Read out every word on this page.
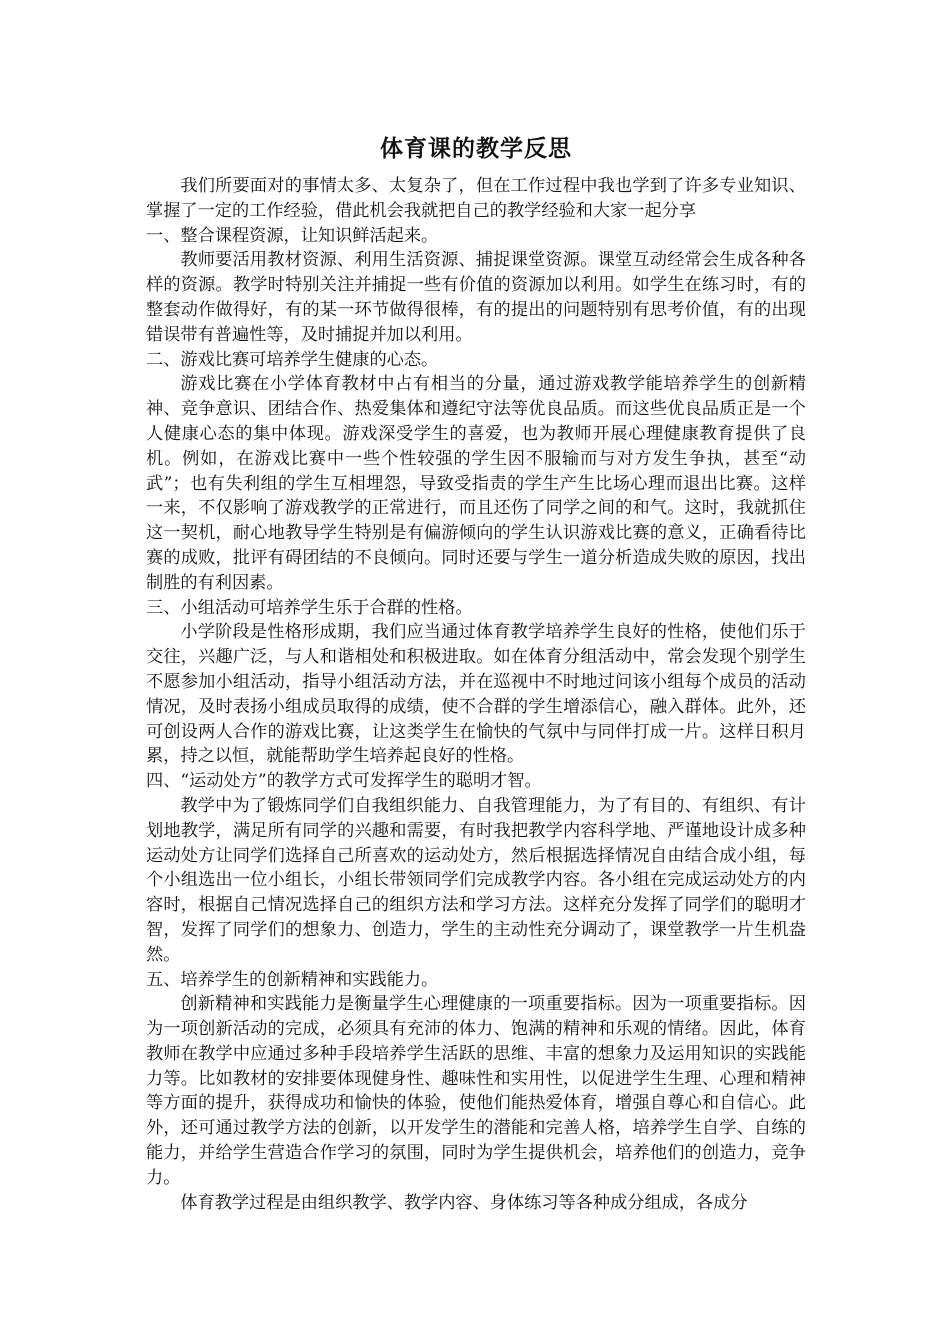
体育课的教学反思

我们所要面对的事情太多、太复杂了，但在工作过程中我也学到了许多专业知识、掌握了一定的工作经验，借此机会我就把自己的教学经验和大家一起分享

一、整合课程资源，让知识鲜活起来。

教师要活用教材资源、利用生活资源、捕捉课堂资源。课堂互动经常会生成各种各样的资源。教学时特别关注并捕捉一些有价值的资源加以利用。如学生在练习时，有的整套动作做得好，有的某一环节做得很棒，有的提出的问题特别有思考价值，有的出现错误带有普遍性等，及时捕捉并加以利用。

二、游戏比赛可培养学生健康的心态。

游戏比赛在小学体育教材中占有相当的分量，通过游戏教学能培养学生的创新精神、竞争意识、团结合作、热爱集体和遵纪守法等优良品质。而这些优良品质正是一个人健康心态的集中体现。游戏深受学生的喜爱，也为教师开展心理健康教育提供了良机。例如，在游戏比赛中一些个性较强的学生因不服输而与对方发生争执，甚至“动武”；也有失利组的学生互相埋怨，导致受指责的学生产生比场心理而退出比赛。这样一来，不仅影响了游戏教学的正常进行，而且还伤了同学之间的和气。这时，我就抓住这一契机，耐心地教导学生特别是有偏游倾向的学生认识游戏比赛的意义，正确看待比赛的成败，批评有碍团结的不良倾向。同时还要与学生一道分析造成失败的原因，找出制胜的有利因素。

三、小组活动可培养学生乐于合群的性格。

小学阶段是性格形成期，我们应当通过体育教学培养学生良好的性格，使他们乐于交往，兴趣广泛，与人和谐相处和积极进取。如在体育分组活动中，常会发现个别学生不愿参加小组活动，指导小组活动方法，并在巡视中不时地过问该小组每个成员的活动情况，及时表扬小组成员取得的成绩，使不合群的学生增添信心，融入群体。此外，还可创设两人合作的游戏比赛，让这类学生在愉快的气氛中与同伴打成一片。这样日积月累，持之以恒，就能帮助学生培养起良好的性格。

四、“运动处方”的教学方式可发挥学生的聪明才智。

教学中为了锻炼同学们自我组织能力、自我管理能力，为了有目的、有组织、有计划地教学，满足所有同学的兴趣和需要，有时我把教学内容科学地、严谨地设计成多种运动处方让同学们选择自己所喜欢的运动处方，然后根据选择情况自由结合成小组，每个小组选出一位小组长，小组长带领同学们完成教学内容。各小组在完成运动处方的内容时，根据自己情况选择自己的组织方法和学习方法。这样充分发挥了同学们的聪明才智，发挥了同学们的想象力、创造力，学生的主动性充分调动了，课堂教学一片生机盎然。

五、培养学生的创新精神和实践能力。

创新精神和实践能力是衡量学生心理健康的一项重要指标。因为一项重要指标。因为一项创新活动的完成，必须具有充沛的体力、饱满的精神和乐观的情绪。因此，体育教师在教学中应通过多种手段培养学生活跃的思维、丰富的想象力及运用知识的实践能力等。比如教材的安排要体现健身性、趣味性和实用性，以促进学生生理、心理和精神等方面的提升，获得成功和愉快的体验，使他们能热爱体育，增强自尊心和自信心。此外，还可通过教学方法的创新，以开发学生的潜能和完善人格，培养学生自学、自练的能力，并给学生营造合作学习的氛围，同时为学生提供机会，培养他们的创造力，竞争力。

体育教学过程是由组织教学、教学内容、身体练习等各种成分组成，各成分
